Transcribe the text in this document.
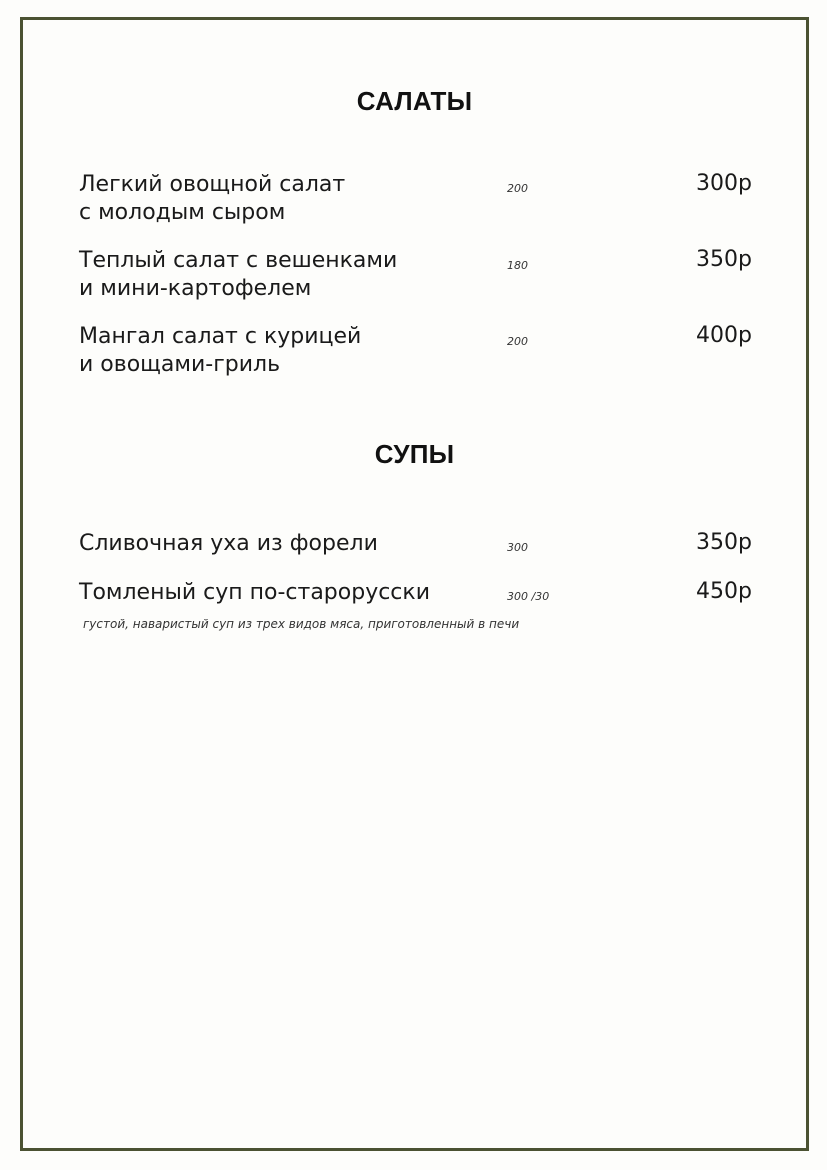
САЛАТЫ
Легкий овощной салат
с молодым сыром
200	300р
Теплый салат с вешенками
и мини-картофелем
180	350р
Мангал салат с курицей
и овощами-гриль
200	400р
СУПЫ
Сливочная уха из форели	300	350р
Томленый суп по-старорусски	300 /30	450р
густой, наваристый суп из трех видов мяса, приготовленный в печи
